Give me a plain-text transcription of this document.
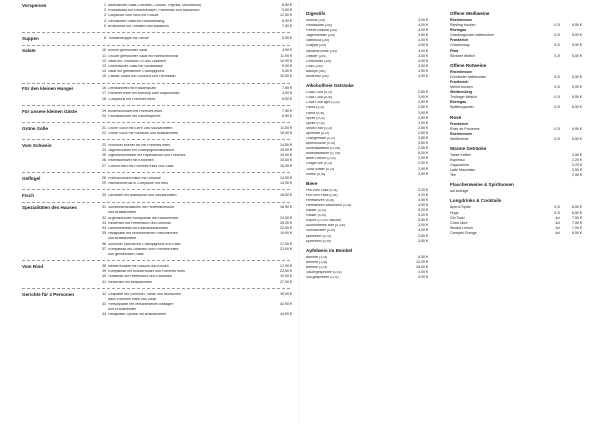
Vorspeisen	1 Italienischer Salat (Tomaten, Gurken, Paprika, Mozzarella)	8,50 €
2 Rucolasalat mit Kirschtomaten, Parmesan und Balsamico	9,50 €
3 Carpaccio vom Rind mit Rucola	12,50 €
4 Gemischter Salat mit Hausdressing	6,90 €
5 Bruschetta mit Tomaten und Basilikum	7,50 €
Suppen	6 Tomatensuppe mit Sahne	5,50 €
Salate	10 Kleiner gemischter Salat	4,90 €
11 Großer gemischter Salat mit Hähnchenbrust	11,90 €
12 Salat mit Thunfisch, Ei und Zwiebeln	10,90 €
13 Griechischer Salat mit Schafskäse	9,90 €
14 Salat mit gebratenen Champignons	9,50 €
15 Caesar Salad mit Croutons und Parmesan	10,50 €
Für den kleinen Hunger	16 Ofenkartoffel mit Kräuterquark	7,50 €
17 Pommes frites mit Ketchup oder Mayonnaise	4,50 €
18 Currywurst mit Pommes frites	8,50 €
Für unsere kleinen Gäste	19 Kinderschnitzel mit Pommes frites	7,50 €
20 Fischstäbchen mit Kartoffelpüree	6,90 €
Grüne Soße	21 Grüne Soße mit Eiern und Salzkartoffeln	11,50 €
22 Grüne Soße mit Schnitzel und Bratkartoffeln	15,50 €
Vom Schwein	23 Schnitzel Wiener Art mit Pommes frites	14,50 €
24 Jägerschnitzel mit Champignonrahmsoße	15,90 €
25 Zigeunerschnitzel mit Paprikasoße und Pommes	15,90 €
26 Rahmschnitzel mit Kroketten	15,50 €
27 Cordon bleu mit Pommes frites und Salat	16,90 €
Geflügel	28 Putenschnitzel natur mit Gemüse	14,50 €
29 Hähnchenbrust in Currysoße mit Reis	14,90 €
Fisch	30 Lachsfilet mit Blattspinat und Salzkartoffeln	18,50 €
Spezialitäten des Hauses	31 Schweinemedaillons mit Pfefferrahmsoße	18,90 €
und Bratkartoffeln
32 Argentinisches Rumpsteak mit Kräuterbutter	24,50 €
33 Rinderfilet mit Pfeffersoße und Gemüse	28,50 €
34 Lammkoteletts mit Rosmarinkartoffeln	22,90 €
35 Hausplatte mit verschiedenen Fleischsorten	19,90 €
und Bratkartoffeln
36 Schnitzel Spezial mit Champignons und Käse	17,50 €
37 Rumpsteak mit Zwiebeln und Pommes frites	23,90 €
und gemischtem Salat
Vom Rind	38 Rinderroulade mit Rotkohl und Klößen	17,90 €
39 Rumpsteak mit Kräuterbutter und Pommes frites	22,50 €
40 Hüftsteak mit Pfeffersoße und Kroketten	19,90 €
41 Rinderfilet mit Bratkartoffeln	27,90 €
Gerichte für 2 Personen	42 Grillplatte mit Schnitzel, Steak und Würstchen	39,90 €
dazu Pommes frites und Salat
43 Fleischplatte mit verschiedenen Beilagen	42,90 €
und Kräuterbutter
44 Hausplatte Spezial mit Bratkartoffeln	44,90 €
Digestifs
Averna (2cl)	4,00 €
Ramazzotti (2cl)	4,00 €
Fernet Branca (2cl)	4,00 €
Jägermeister (2cl)	3,50 €
Sambuca (2cl)	4,00 €
Grappa (2cl)	4,50 €
Williams Birne (2cl)	4,00 €
Obstler (2cl)	3,50 €
Limoncello (2cl)	4,00 €
Ouzo (2cl)	3,50 €
Baileys (4cl)	4,50 €
Amaretto (2cl)	4,00 €
Alkoholfreie Getränke
Coca Cola (0,2l)	2,80 €
Coca Cola (0,4l)	3,90 €
Coca Cola light (0,2l)	2,80 €
Fanta (0,2l)	2,80 €
Fanta (0,4l)	3,90 €
Sprite (0,2l)	2,80 €
Sprite (0,4l)	3,90 €
Mezzo Mix (0,2l)	2,80 €
Apfelsaft (0,2l)	2,80 €
Orangensaft (0,2l)	2,80 €
Apfelschorle (0,4l)	3,50 €
Mineralwasser (0,25l)	2,50 €
Mineralwasser (0,75l)	5,50 €
Bitter Lemon (0,2l)	2,90 €
Ginger Ale (0,2l)	2,90 €
Tonic Water (0,2l)	2,90 €
Eistee (0,4l)	3,50 €
Biere
Pils vom Fass (0,3l)	3,20 €
Pils vom Fass (0,5l)	4,20 €
Hefeweizen (0,5l)	4,50 €
Hefeweizen alkoholfrei (0,5l)	4,50 €
Radler (0,3l)	3,20 €
Radler (0,5l)	4,20 €
Export (0,33l Flasche)	3,50 €
Alkoholfreies Bier (0,33l)	3,50 €
Schwarzbier (0,5l)	4,20 €
Apfelwein (0,3l)	2,80 €
Apfelwein (0,5l)	3,80 €
Apfelwein im Bembel
Bembel (1,0l)	8,50 €
Bembel (1,5l)	12,00 €
Bembel (2,0l)	16,00 €
Sauergespritzter (0,3l)	3,00 €
Süßgespritzter (0,3l)	3,00 €
Offene Weißweine
Rheinhessen
Riesling trocken	0,2l	5,50 €
Rheingau
Grauburgunder halbtrocken	0,2l	5,90 €
Frankreich
Chardonnay	0,2l	5,90 €
Pfalz
Silvaner lieblich	0,2l	5,50 €
Offene Rotweine
Rheinhessen
Dornfelder halbtrocken	0,2l	5,50 €
Frankreich
Merlot trocken	0,2l	5,90 €
Württemberg
Trollinger lieblich	0,2l	5,50 €
Rheingau
Spätburgunder	0,2l	6,50 €
Rosé
Frankreich
Rosé de Provence	0,2l	5,90 €
Rheinhessen
Weißherbst	0,2l	5,50 €
Warme Getränke
Tasse Kaffee	2,50 €
Espresso	2,20 €
Cappuccino	3,20 €
Latte Macchiato	3,50 €
Tee	2,50 €
Flaschenweine & Spirituosen
auf Anfrage
Longdrinks & Cocktails
Aperol Spritz	0,2l	6,50 €
Hugo	0,2l	6,50 €
Gin Tonic	4cl	7,50 €
Cuba Libre	4cl	7,50 €
Wodka Lemon	4cl	7,00 €
Campari Orange	4cl	6,50 €
